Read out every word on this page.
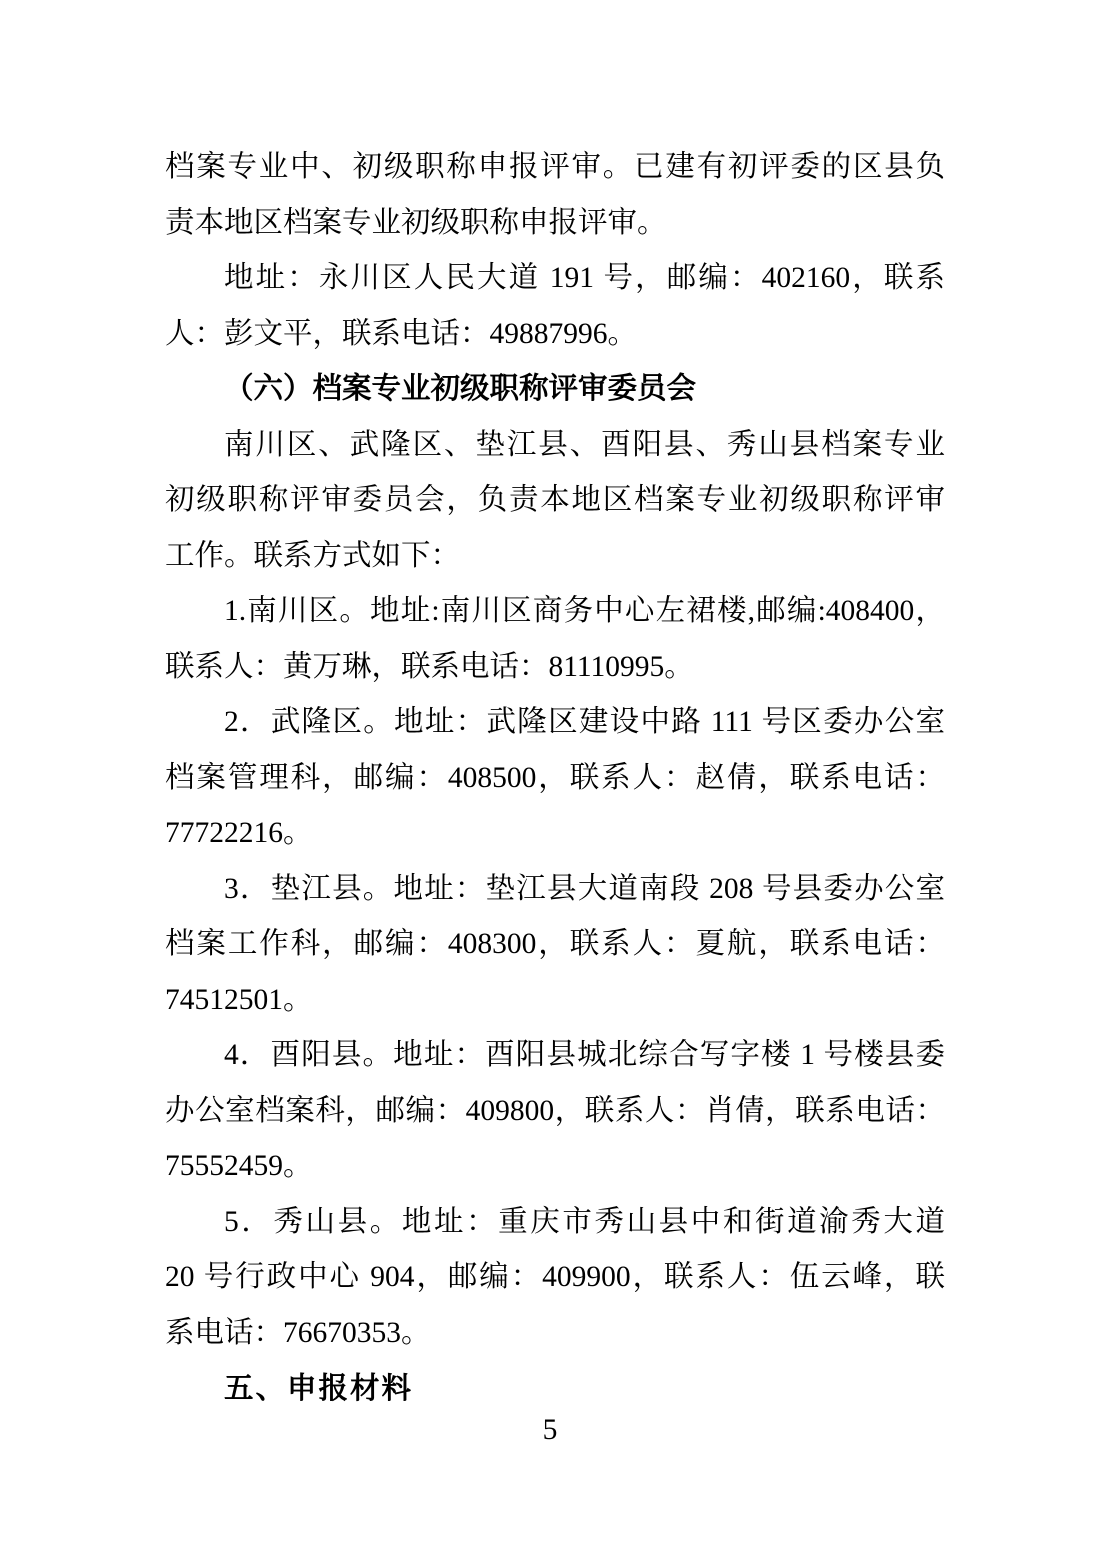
档案专业中、初级职称申报评审。已建有初评委的区县负
责本地区档案专业初级职称申报评审。
地址：永川区人民大道 191 号，邮编：402160，联系
人：彭文平，联系电话：49887996。
（六）档案专业初级职称评审委员会
南川区、武隆区、垫江县、酉阳县、秀山县档案专业
初级职称评审委员会，负责本地区档案专业初级职称评审
工作。联系方式如下：
1.南川区。地址:南川区商务中心左裙楼,邮编:408400，
联系人：黄万琳，联系电话：81110995。
2．武隆区。地址：武隆区建设中路 111 号区委办公室
档案管理科，邮编：408500，联系人：赵倩，联系电话：
77722216。
3．垫江县。地址：垫江县大道南段 208 号县委办公室
档案工作科，邮编：408300，联系人：夏航，联系电话：
74512501。
4．酉阳县。地址：酉阳县城北综合写字楼 1 号楼县委
办公室档案科，邮编：409800，联系人：肖倩，联系电话：
75552459。
5．秀山县。地址：重庆市秀山县中和街道渝秀大道
20 号行政中心 904，邮编：409900，联系人：伍云峰，联
系电话：76670353。
五、申报材料
5
